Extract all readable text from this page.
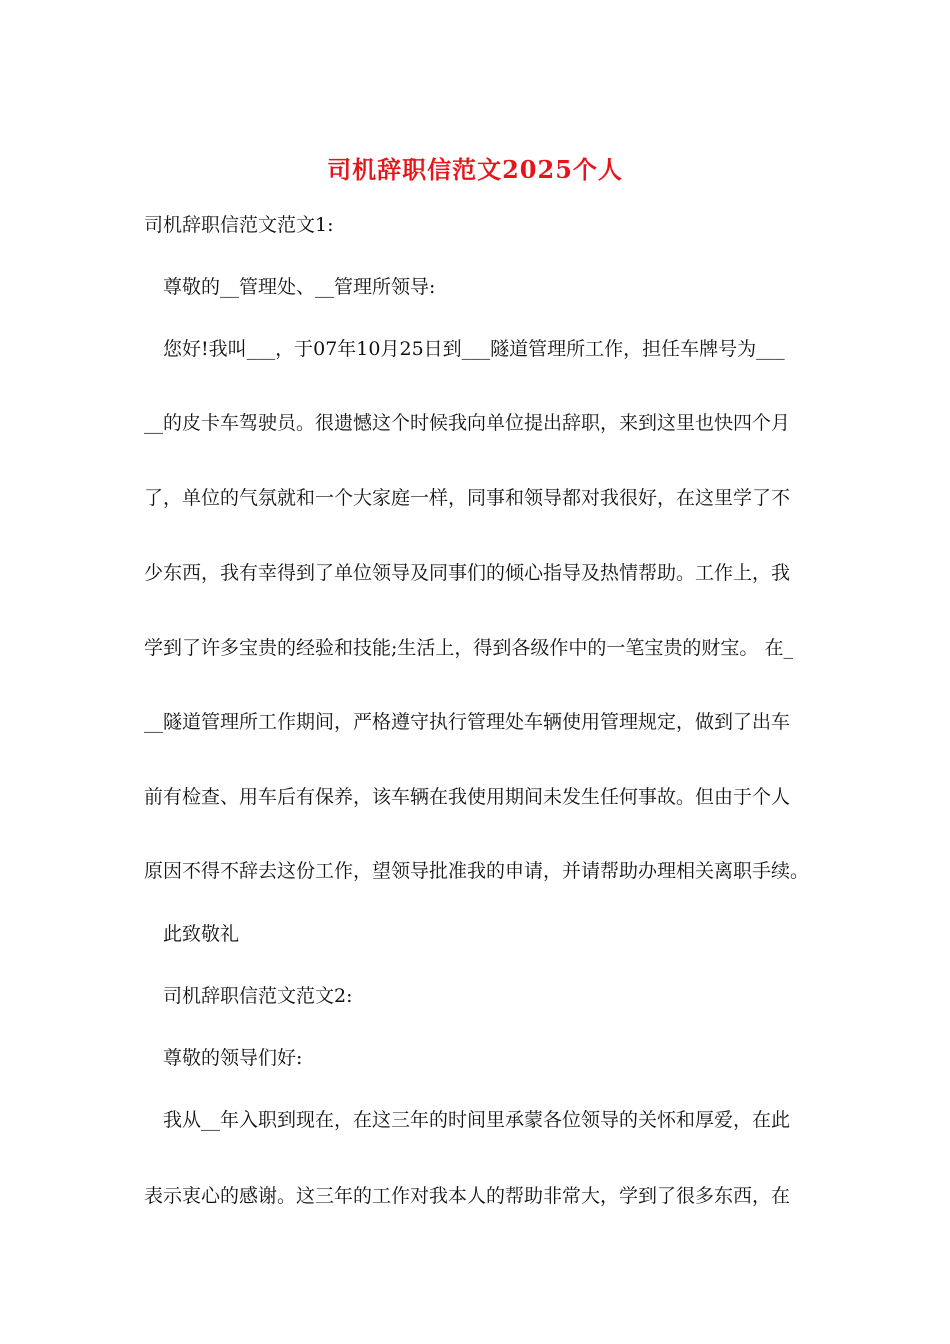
司机辞职信范文2025个人
司机辞职信范文范文1:
尊敬的__管理处、__管理所领导:
您好!我叫___，于07年10月25日到___隧道管理所工作，担任车牌号为___
__的皮卡车驾驶员。很遗憾这个时候我向单位提出辞职，来到这里也快四个月
了，单位的气氛就和一个大家庭一样，同事和领导都对我很好，在这里学了不
少东西，我有幸得到了单位领导及同事们的倾心指导及热情帮助。工作上，我
学到了许多宝贵的经验和技能;生活上，得到各级作中的一笔宝贵的财宝。 在_
__隧道管理所工作期间，严格遵守执行管理处车辆使用管理规定，做到了出车
前有检查、用车后有保养，该车辆在我使用期间未发生任何事故。但由于个人
原因不得不辞去这份工作，望领导批准我的申请，并请帮助办理相关离职手续。
此致敬礼
司机辞职信范文范文2:
尊敬的领导们好:
我从__年入职到现在，在这三年的时间里承蒙各位领导的关怀和厚爱，在此
表示衷心的感谢。这三年的工作对我本人的帮助非常大，学到了很多东西，在
